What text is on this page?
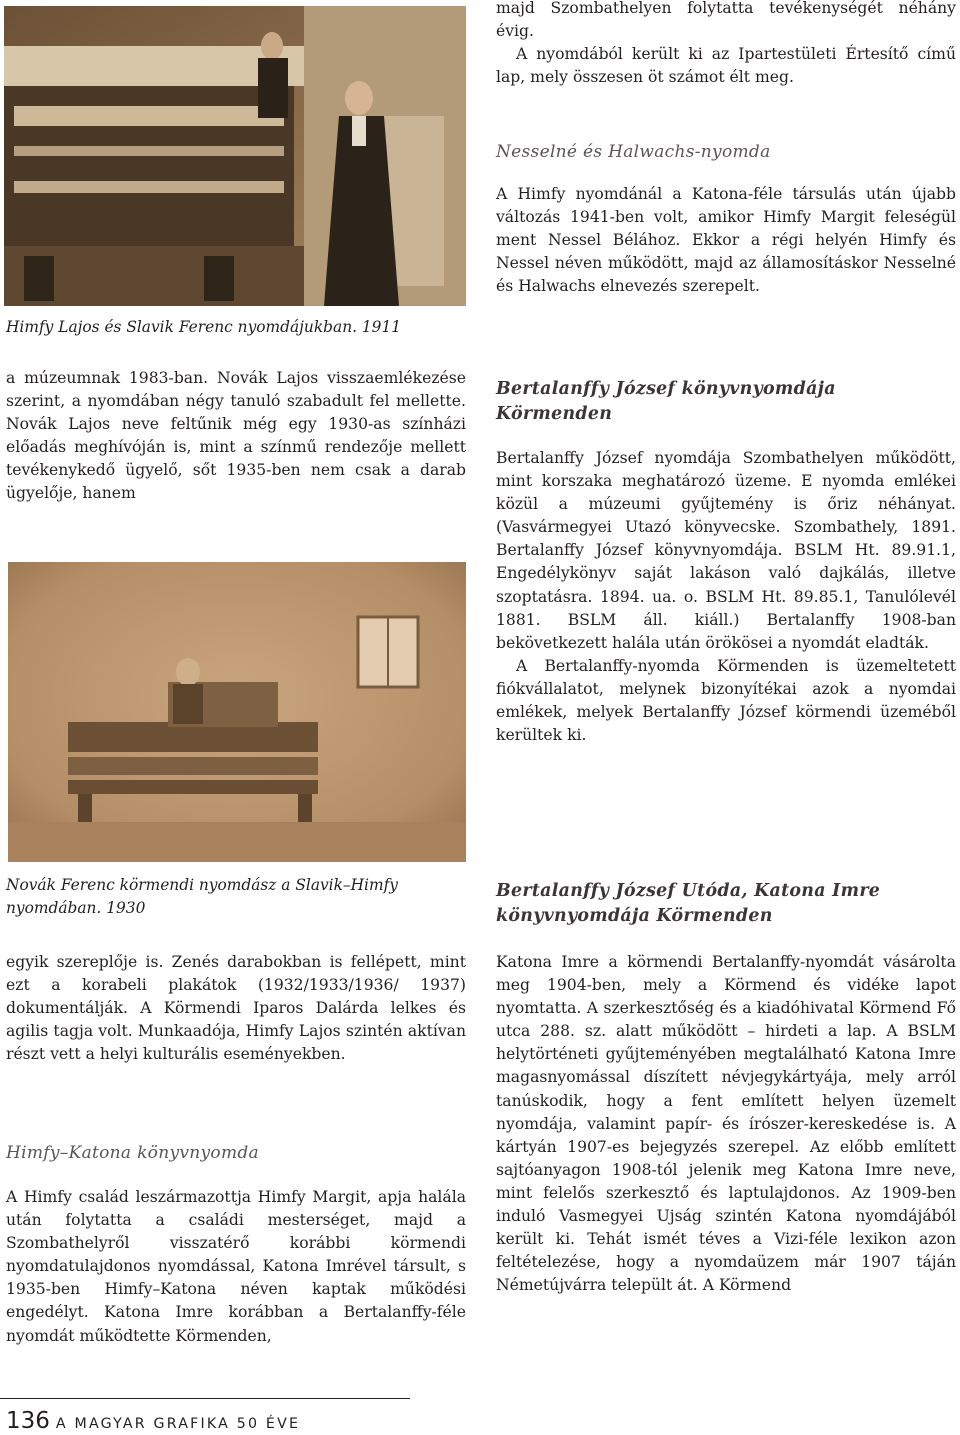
Himfy Lajos és Slavik Ferenc nyomdájukban. 1911

a múzeumnak 1983-ban. Novák Lajos visszaemlékezése szerint, a nyomdában négy tanuló szabadult fel mellette. Novák Lajos neve feltűnik még egy 1930-as színházi előadás meghívóján is, mint a színmű rendezője mellett tevékenykedő ügyelő, sőt 1935-ben nem csak a darab ügyelője, hanem

Novák Ferenc körmendi nyomdász a Slavik–Himfy nyomdában. 1930

egyik szereplője is. Zenés darabokban is fellépett, mint ezt a korabeli plakátok (1932/1933/1936/ 1937) dokumentálják. A Körmendi Iparos Dalárda lelkes és agilis tagja volt. Munkaadója, Himfy Lajos szintén aktívan részt vett a helyi kulturális eseményekben.

Himfy–Katona könyvnyomda

A Himfy család leszármazottja Himfy Margit, apja halála után folytatta a családi mesterséget, majd a Szombathelyről visszatérő korábbi körmendi nyomdatulajdonos nyomdással, Katona Imrével társult, s 1935-ben Himfy–Katona néven kaptak működési engedélyt. Katona Imre korábban a Bertalanffy-féle nyomdát működtette Körmenden,

majd Szombathelyen folytatta tevékenységét néhány évig.

A nyomdából került ki az Ipartestületi Értesítő című lap, mely összesen öt számot élt meg.

Nesselné és Halwachs-nyomda

A Himfy nyomdánál a Katona-féle társulás után újabb változás 1941-ben volt, amikor Himfy Margit feleségül ment Nessel Bélához. Ekkor a régi helyén Himfy és Nessel néven működött, majd az államosításkor Nesselné és Halwachs elnevezés szerepelt.

Bertalanffy József könyvnyomdája
Körmenden

Bertalanffy József nyomdája Szombathelyen működött, mint korszaka meghatározó üzeme. E nyomda emlékei közül a múzeumi gyűjtemény is őriz néhányat. (Vasvármegyei Utazó könyvecske. Szombathely, 1891. Bertalanffy József könyvnyomdája. BSLM Ht. 89.91.1, Engedélykönyv saját lakáson való dajkálás, illetve szoptatásra. 1894. ua. o. BSLM Ht. 89.85.1, Tanulólevél 1881. BSLM áll. kiáll.) Bertalanffy 1908-ban bekövetkezett halála után örökösei a nyomdát eladták.

A Bertalanffy-nyomda Körmenden is üzemeltetett fiókvállalatot, melynek bizonyítékai azok a nyomdai emlékek, melyek Bertalanffy József körmendi üzeméből kerültek ki.

Bertalanffy József Utóda, Katona Imre
könyvnyomdája Körmenden

Katona Imre a körmendi Bertalanffy-nyomdát vásárolta meg 1904-ben, mely a Körmend és vidéke lapot nyomtatta. A szerkesztőség és a kiadóhivatal Körmend Fő utca 288. sz. alatt működött – hirdeti a lap. A BSLM helytörténeti gyűjteményében megtalálható Katona Imre magasnyomással díszített névjegykártyája, mely arról tanúskodik, hogy a fent említett helyen üzemelt nyomdája, valamint papír- és írószer-kereskedése is. A kártyán 1907-es bejegyzés szerepel. Az előbb említett sajtóanyagon 1908-tól jelenik meg Katona Imre neve, mint felelős szerkesztő és laptulajdonos. Az 1909-ben induló Vasmegyei Ujság szintén Katona nyomdájából került ki. Tehát ismét téves a Vizi-féle lexikon azon feltételezése, hogy a nyomdaüzem már 1907 táján Németújvárra települt át. A Körmend

136 A MAGYAR GRAFIKA 50 ÉVE
